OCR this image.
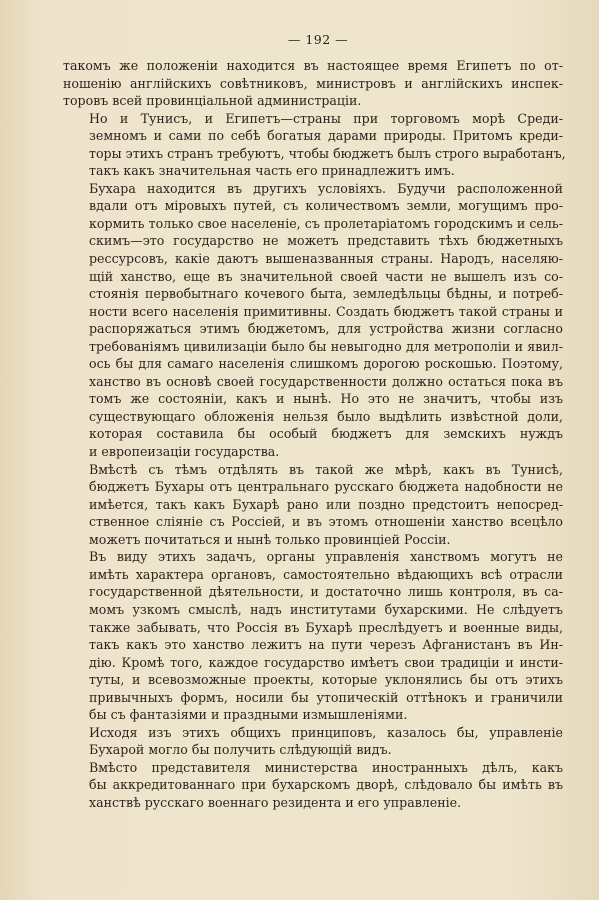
— 192 —

такомъ же положеніи находится въ настоящее время Египетъ по от-
ношенію англійскихъ совѣтниковъ, министровъ и англійскихъ инспек-
торовъ всей провинціальной администраціи.

Но и Тунисъ, и Египетъ—страны при торговомъ морѣ Среди-
земномъ и сами по себѣ богатыя дарами природы. Притомъ креди-
торы этихъ странъ требуютъ, чтобы бюджетъ былъ строго выработанъ,
такъ какъ значительная часть его принадлежитъ имъ.

Бухара находится въ другихъ условіяхъ. Будучи расположенной
вдали отъ міровыхъ путей, съ количествомъ земли, могущимъ про-
кормить только свое населеніе, съ пролетаріатомъ городскимъ и сель-
скимъ—это государство не можетъ представить тѣхъ бюджетныхъ
рессурсовъ, какіе даютъ вышеназванныя страны. Народъ, населяю-
щій ханство, еще въ значительной своей части не вышелъ изъ со-
стоянія первобытнаго кочевого быта, земледѣльцы бѣдны, и потреб-
ности всего населенія примитивны. Создать бюджетъ такой страны и
распоряжаться этимъ бюджетомъ, для устройства жизни согласно
требованіямъ цивилизаціи было бы невыгодно для метрополіи и явил-
ось бы для самаго населенія слишкомъ дорогою роскошью. Поэтому,
ханство въ основѣ своей государственности должно остаться пока въ
томъ же состояніи, какъ и нынѣ. Но это не значитъ, чтобы изъ
существующаго обложенія нельзя было выдѣлить извѣстной доли,
которая составила бы особый бюджетъ для земскихъ нуждъ
и европеизаціи государства.

Вмѣстѣ съ тѣмъ отдѣлять въ такой же мѣрѣ, какъ въ Тунисѣ,
бюджетъ Бухары отъ центральнаго русскаго бюджета надобности не
имѣется, такъ какъ Бухарѣ рано или поздно предстоитъ непосред-
ственное сліяніе съ Россіей, и въ этомъ отношеніи ханство всецѣло
можетъ почитаться и нынѣ только провинціей Россіи.

Въ виду этихъ задачъ, органы управленія ханствомъ могутъ не
имѣть характера органовъ, самостоятельно вѣдающихъ всѣ отрасли
государственной дѣятельности, и достаточно лишь контроля, въ са-
момъ узкомъ смыслѣ, надъ институтами бухарскими. Не слѣдуетъ
также забывать, что Россія въ Бухарѣ преслѣдуетъ и военные виды,
такъ какъ это ханство лежитъ на пути черезъ Афганистанъ въ Ин-
дію. Кромѣ того, каждое государство имѣетъ свои традиціи и инсти-
туты, и всевозможные проекты, которые уклонялись бы отъ этихъ
привычныхъ формъ, носили бы утопическій оттѣнокъ и граничили
бы съ фантазіями и праздными измышленіями.

Исходя изъ этихъ общихъ принциповъ, казалось бы, управленіе
Бухарой могло бы получить слѣдующій видъ.

Вмѣсто представителя министерства иностранныхъ дѣлъ, какъ
бы аккредитованнаго при бухарскомъ дворѣ, слѣдовало бы имѣть въ
ханствѣ русскаго военнаго резидента и его управленіе.
